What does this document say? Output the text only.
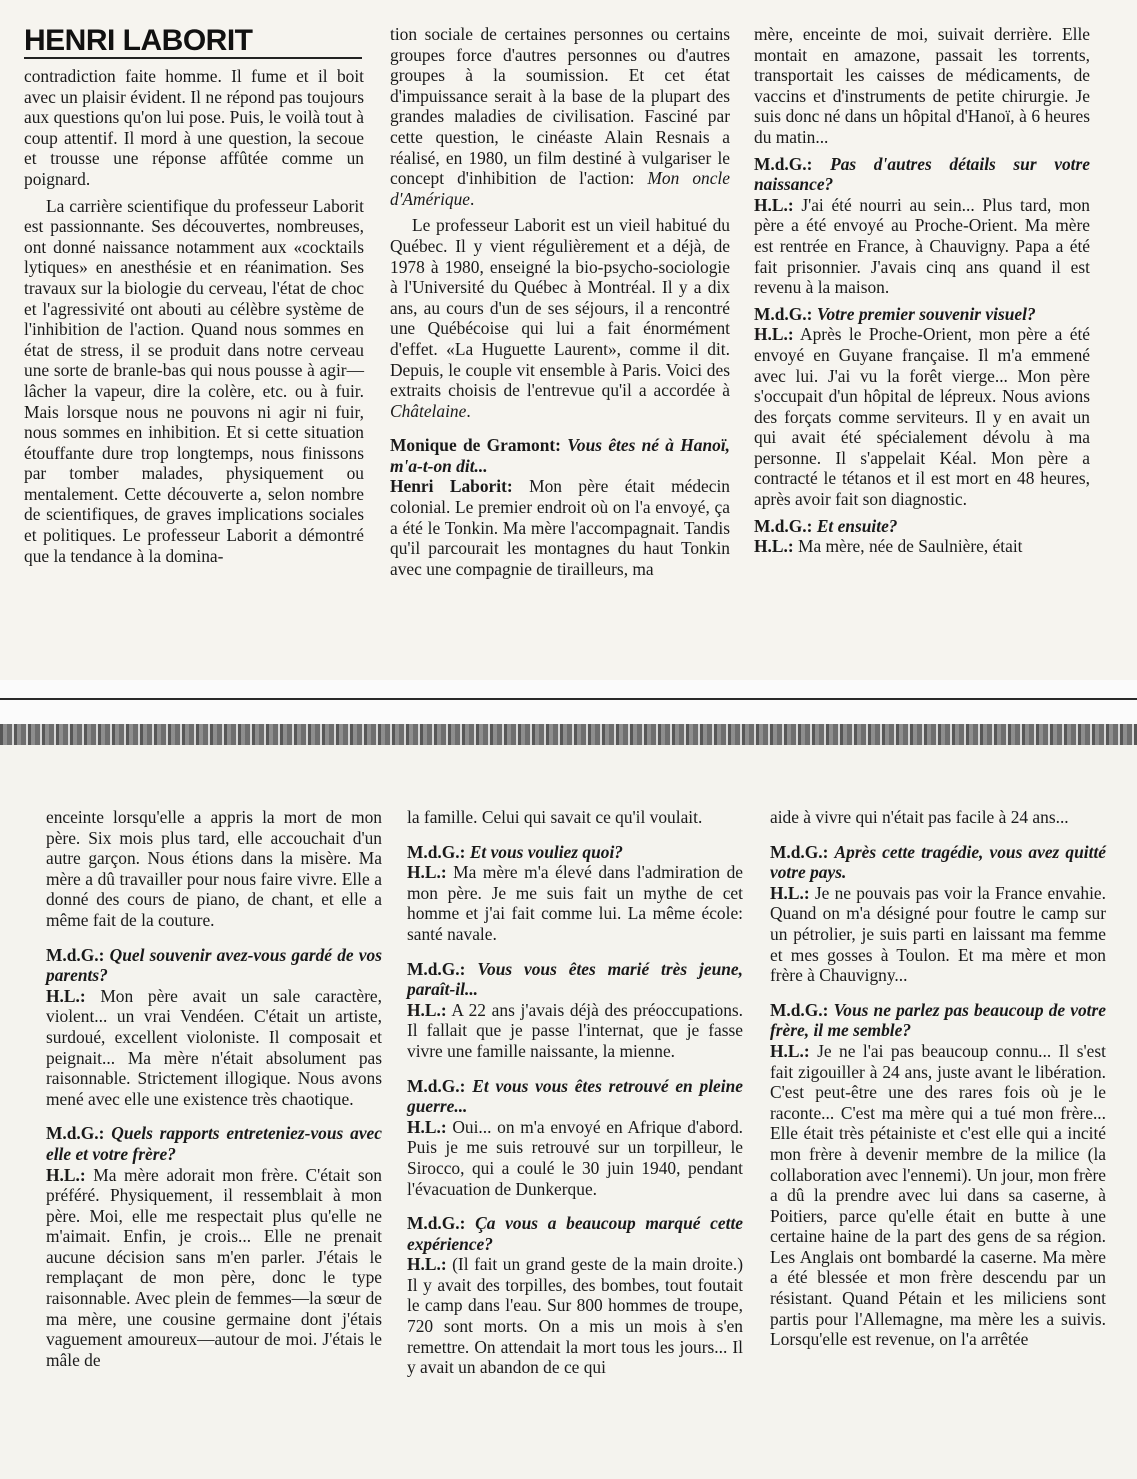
HENRI LABORIT

contradiction faite homme. Il fume et il boit avec un plaisir évident. Il ne répond pas toujours aux questions qu'on lui pose. Puis, le voilà tout à coup attentif. Il mord à une question, la secoue et trousse une réponse affûtée comme un poignard.

La carrière scientifique du professeur Laborit est passionnante. Ses découvertes, nombreuses, ont donné naissance notamment aux «cocktails lytiques» en anesthésie et en réanimation. Ses travaux sur la biologie du cerveau, l'état de choc et l'agressivité ont abouti au célèbre système de l'inhibition de l'action. Quand nous sommes en état de stress, il se produit dans notre cerveau une sorte de branle-bas qui nous pousse à agir—lâcher la vapeur, dire la colère, etc. ou à fuir. Mais lorsque nous ne pouvons ni agir ni fuir, nous sommes en inhibition. Et si cette situation étouffante dure trop longtemps, nous finissons par tomber malades, physiquement ou mentalement. Cette découverte a, selon nombre de scientifiques, de graves implications sociales et politiques. Le professeur Laborit a démontré que la tendance à la domina-

tion sociale de certaines personnes ou certains groupes force d'autres personnes ou d'autres groupes à la soumission. Et cet état d'impuissance serait à la base de la plupart des grandes maladies de civilisation. Fasciné par cette question, le cinéaste Alain Resnais a réalisé, en 1980, un film destiné à vulgariser le concept d'inhibition de l'action: Mon oncle d'Amérique.

Le professeur Laborit est un vieil habitué du Québec. Il y vient régulièrement et a déjà, de 1978 à 1980, enseigné la bio-psycho-sociologie à l'Université du Québec à Montréal. Il y a dix ans, au cours d'un de ses séjours, il a rencontré une Québécoise qui lui a fait énormément d'effet. «La Huguette Laurent», comme il dit. Depuis, le couple vit ensemble à Paris. Voici des extraits choisis de l'entrevue qu'il a accordée à Châtelaine.

Monique de Gramont: Vous êtes né à Hanoï, m'a-t-on dit...
Henri Laborit: Mon père était médecin colonial. Le premier endroit où on l'a envoyé, ça a été le Tonkin. Ma mère l'accompagnait. Tandis qu'il parcourait les montagnes du haut Tonkin avec une compagnie de tirailleurs, ma

mère, enceinte de moi, suivait derrière. Elle montait en amazone, passait les torrents, transportait les caisses de médicaments, de vaccins et d'instruments de petite chirurgie. Je suis donc né dans un hôpital d'Hanoï, à 6 heures du matin...

M.d.G.: Pas d'autres détails sur votre naissance?
H.L.: J'ai été nourri au sein... Plus tard, mon père a été envoyé au Proche-Orient. Ma mère est rentrée en France, à Chauvigny. Papa a été fait prisonnier. J'avais cinq ans quand il est revenu à la maison.

M.d.G.: Votre premier souvenir visuel?
H.L.: Après le Proche-Orient, mon père a été envoyé en Guyane française. Il m'a emmené avec lui. J'ai vu la forêt vierge... Mon père s'occupait d'un hôpital de lépreux. Nous avions des forçats comme serviteurs. Il y en avait un qui avait été spécialement dévolu à ma personne. Il s'appelait Kéal. Mon père a contracté le tétanos et il est mort en 48 heures, après avoir fait son diagnostic.

M.d.G.: Et ensuite?
H.L.: Ma mère, née de Saulnière, était

enceinte lorsqu'elle a appris la mort de mon père. Six mois plus tard, elle accouchait d'un autre garçon. Nous étions dans la misère. Ma mère a dû travailler pour nous faire vivre. Elle a donné des cours de piano, de chant, et elle a même fait de la couture.

M.d.G.: Quel souvenir avez-vous gardé de vos parents?
H.L.: Mon père avait un sale caractère, violent... un vrai Vendéen. C'était un artiste, surdoué, excellent violoniste. Il composait et peignait... Ma mère n'était absolument pas raisonnable. Strictement illogique. Nous avons mené avec elle une existence très chaotique.

M.d.G.: Quels rapports entreteniez-vous avec elle et votre frère?
H.L.: Ma mère adorait mon frère. C'était son préféré. Physiquement, il ressemblait à mon père. Moi, elle me respectait plus qu'elle ne m'aimait. Enfin, je crois... Elle ne prenait aucune décision sans m'en parler. J'étais le remplaçant de mon père, donc le type raisonnable. Avec plein de femmes—la sœur de ma mère, une cousine germaine dont j'étais vaguement amoureux—autour de moi. J'étais le mâle de

la famille. Celui qui savait ce qu'il voulait.

M.d.G.: Et vous vouliez quoi?
H.L.: Ma mère m'a élevé dans l'admiration de mon père. Je me suis fait un mythe de cet homme et j'ai fait comme lui. La même école: santé navale.

M.d.G.: Vous vous êtes marié très jeune, paraît-il...
H.L.: A 22 ans j'avais déjà des préoccupations. Il fallait que je passe l'internat, que je fasse vivre une famille naissante, la mienne.

M.d.G.: Et vous vous êtes retrouvé en pleine guerre...
H.L.: Oui... on m'a envoyé en Afrique d'abord. Puis je me suis retrouvé sur un torpilleur, le Sirocco, qui a coulé le 30 juin 1940, pendant l'évacuation de Dunkerque.

M.d.G.: Ça vous a beaucoup marqué cette expérience?
H.L.: (Il fait un grand geste de la main droite.) Il y avait des torpilles, des bombes, tout foutait le camp dans l'eau. Sur 800 hommes de troupe, 720 sont morts. On a mis un mois à s'en remettre. On attendait la mort tous les jours... Il y avait un abandon de ce qui

aide à vivre qui n'était pas facile à 24 ans...

M.d.G.: Après cette tragédie, vous avez quitté votre pays.
H.L.: Je ne pouvais pas voir la France envahie. Quand on m'a désigné pour foutre le camp sur un pétrolier, je suis parti en laissant ma femme et mes gosses à Toulon. Et ma mère et mon frère à Chauvigny...

M.d.G.: Vous ne parlez pas beaucoup de votre frère, il me semble?
H.L.: Je ne l'ai pas beaucoup connu... Il s'est fait zigouiller à 24 ans, juste avant le libération. C'est peut-être une des rares fois où je le raconte... C'est ma mère qui a tué mon frère... Elle était très pétainiste et c'est elle qui a incité mon frère à devenir membre de la milice (la collaboration avec l'ennemi). Un jour, mon frère a dû la prendre avec lui dans sa caserne, à Poitiers, parce qu'elle était en butte à une certaine haine de la part des gens de sa région. Les Anglais ont bombardé la caserne. Ma mère a été blessée et mon frère descendu par un résistant. Quand Pétain et les miliciens sont partis pour l'Allemagne, ma mère les a suivis. Lorsqu'elle est revenue, on l'a arrêtée
